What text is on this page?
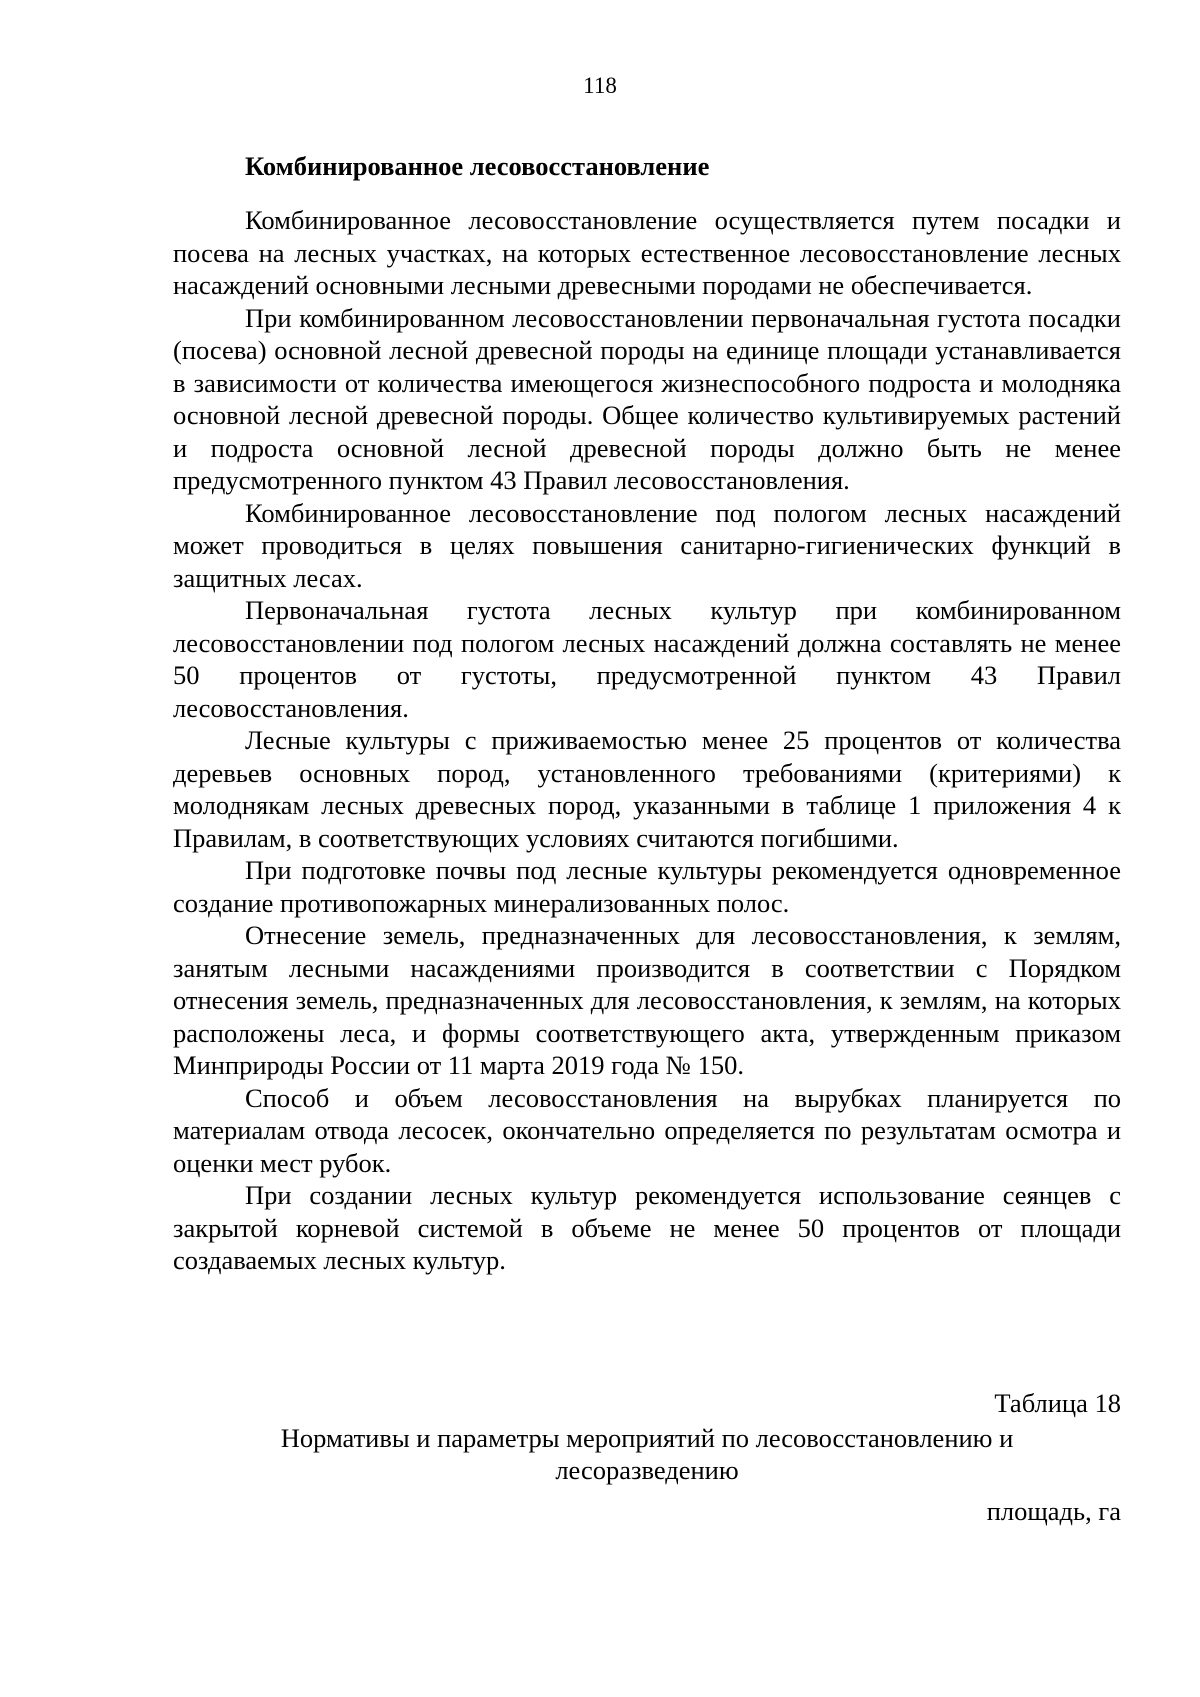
118

Комбинированное лесовосстановление

Комбинированное лесовосстановление осуществляется путем посадки и посева на лесных участках, на которых естественное лесовосстановление лесных насаждений основными лесными древесными породами не обеспечивается.

При комбинированном лесовосстановлении первоначальная густота посадки (посева) основной лесной древесной породы на единице площади устанавливается в зависимости от количества имеющегося жизнеспособного подроста и молодняка основной лесной древесной породы. Общее количество культивируемых растений и подроста основной лесной древесной породы должно быть не менее предусмотренного пунктом 43 Правил лесовосстановления.

Комбинированное лесовосстановление под пологом лесных насаждений может проводиться в целях повышения санитарно-гигиенических функций в защитных лесах.

Первоначальная густота лесных культур при комбинированном лесовосстановлении под пологом лесных насаждений должна составлять не менее 50 процентов от густоты, предусмотренной пунктом 43 Правил лесовосстановления.

Лесные культуры с приживаемостью менее 25 процентов от количества деревьев основных пород, установленного требованиями (критериями) к молоднякам лесных древесных пород, указанными в таблице 1 приложения 4 к Правилам, в соответствующих условиях считаются погибшими.

При подготовке почвы под лесные культуры рекомендуется одновременное создание противопожарных минерализованных полос.

Отнесение земель, предназначенных для лесовосстановления, к землям, занятым лесными насаждениями производится в соответствии с Порядком отнесения земель, предназначенных для лесовосстановления, к землям, на которых расположены леса, и формы соответствующего акта, утвержденным приказом Минприроды России от 11 марта 2019 года № 150.

Способ и объем лесовосстановления на вырубках планируется по материалам отвода лесосек, окончательно определяется по результатам осмотра и оценки мест рубок.

При создании лесных культур рекомендуется использование сеянцев с закрытой корневой системой в объеме не менее 50 процентов от площади создаваемых лесных культур.

Таблица 18

Нормативы и параметры мероприятий по лесовосстановлению и лесоразведению

площадь, га
